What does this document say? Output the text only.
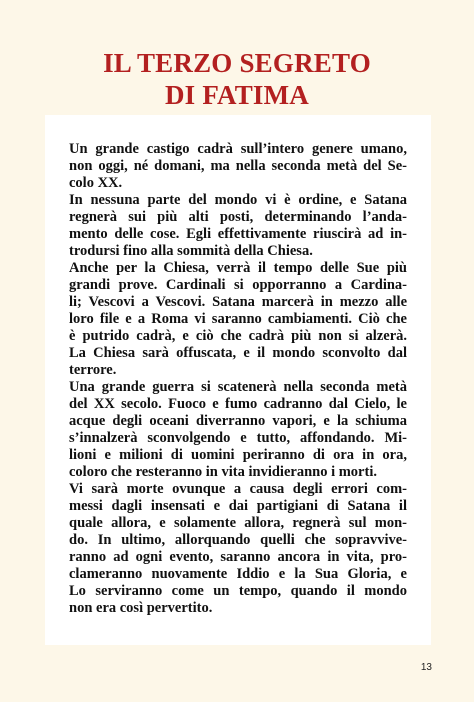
IL TERZO SEGRETO
DI FATIMA

Un grande castigo cadrà sull’intero genere umano,
non oggi, né domani, ma nella seconda metà del Se-
colo XX.

In nessuna parte del mondo vi è ordine, e Satana
regnerà sui più alti posti, determinando l’anda-
mento delle cose. Egli effettivamente riuscirà ad in-
trodursi fino alla sommità della Chiesa.

Anche per la Chiesa, verrà il tempo delle Sue più
grandi prove. Cardinali si opporranno a Cardina-
li; Vescovi a Vescovi. Satana marcerà in mezzo alle
loro file e a Roma vi saranno cambiamenti. Ciò che
è putrido cadrà, e ciò che cadrà più non si alzerà.
La Chiesa sarà offuscata, e il mondo sconvolto dal
terrore.

Una grande guerra si scatenerà nella seconda metà
del XX secolo. Fuoco e fumo cadranno dal Cielo, le
acque degli oceani diverranno vapori, e la schiuma
s’innalzerà sconvolgendo e tutto, affondando. Mi-
lioni e milioni di uomini periranno di ora in ora,
coloro che resteranno in vita invidieranno i morti.

Vi sarà morte ovunque a causa degli errori com-
messi dagli insensati e dai partigiani di Satana il
quale allora, e solamente allora, regnerà sul mon-
do. In ultimo, allorquando quelli che sopravvive-
ranno ad ogni evento, saranno ancora in vita, pro-
clameranno nuovamente Iddio e la Sua Gloria, e
Lo serviranno come un tempo, quando il mondo
non era così pervertito.

13
